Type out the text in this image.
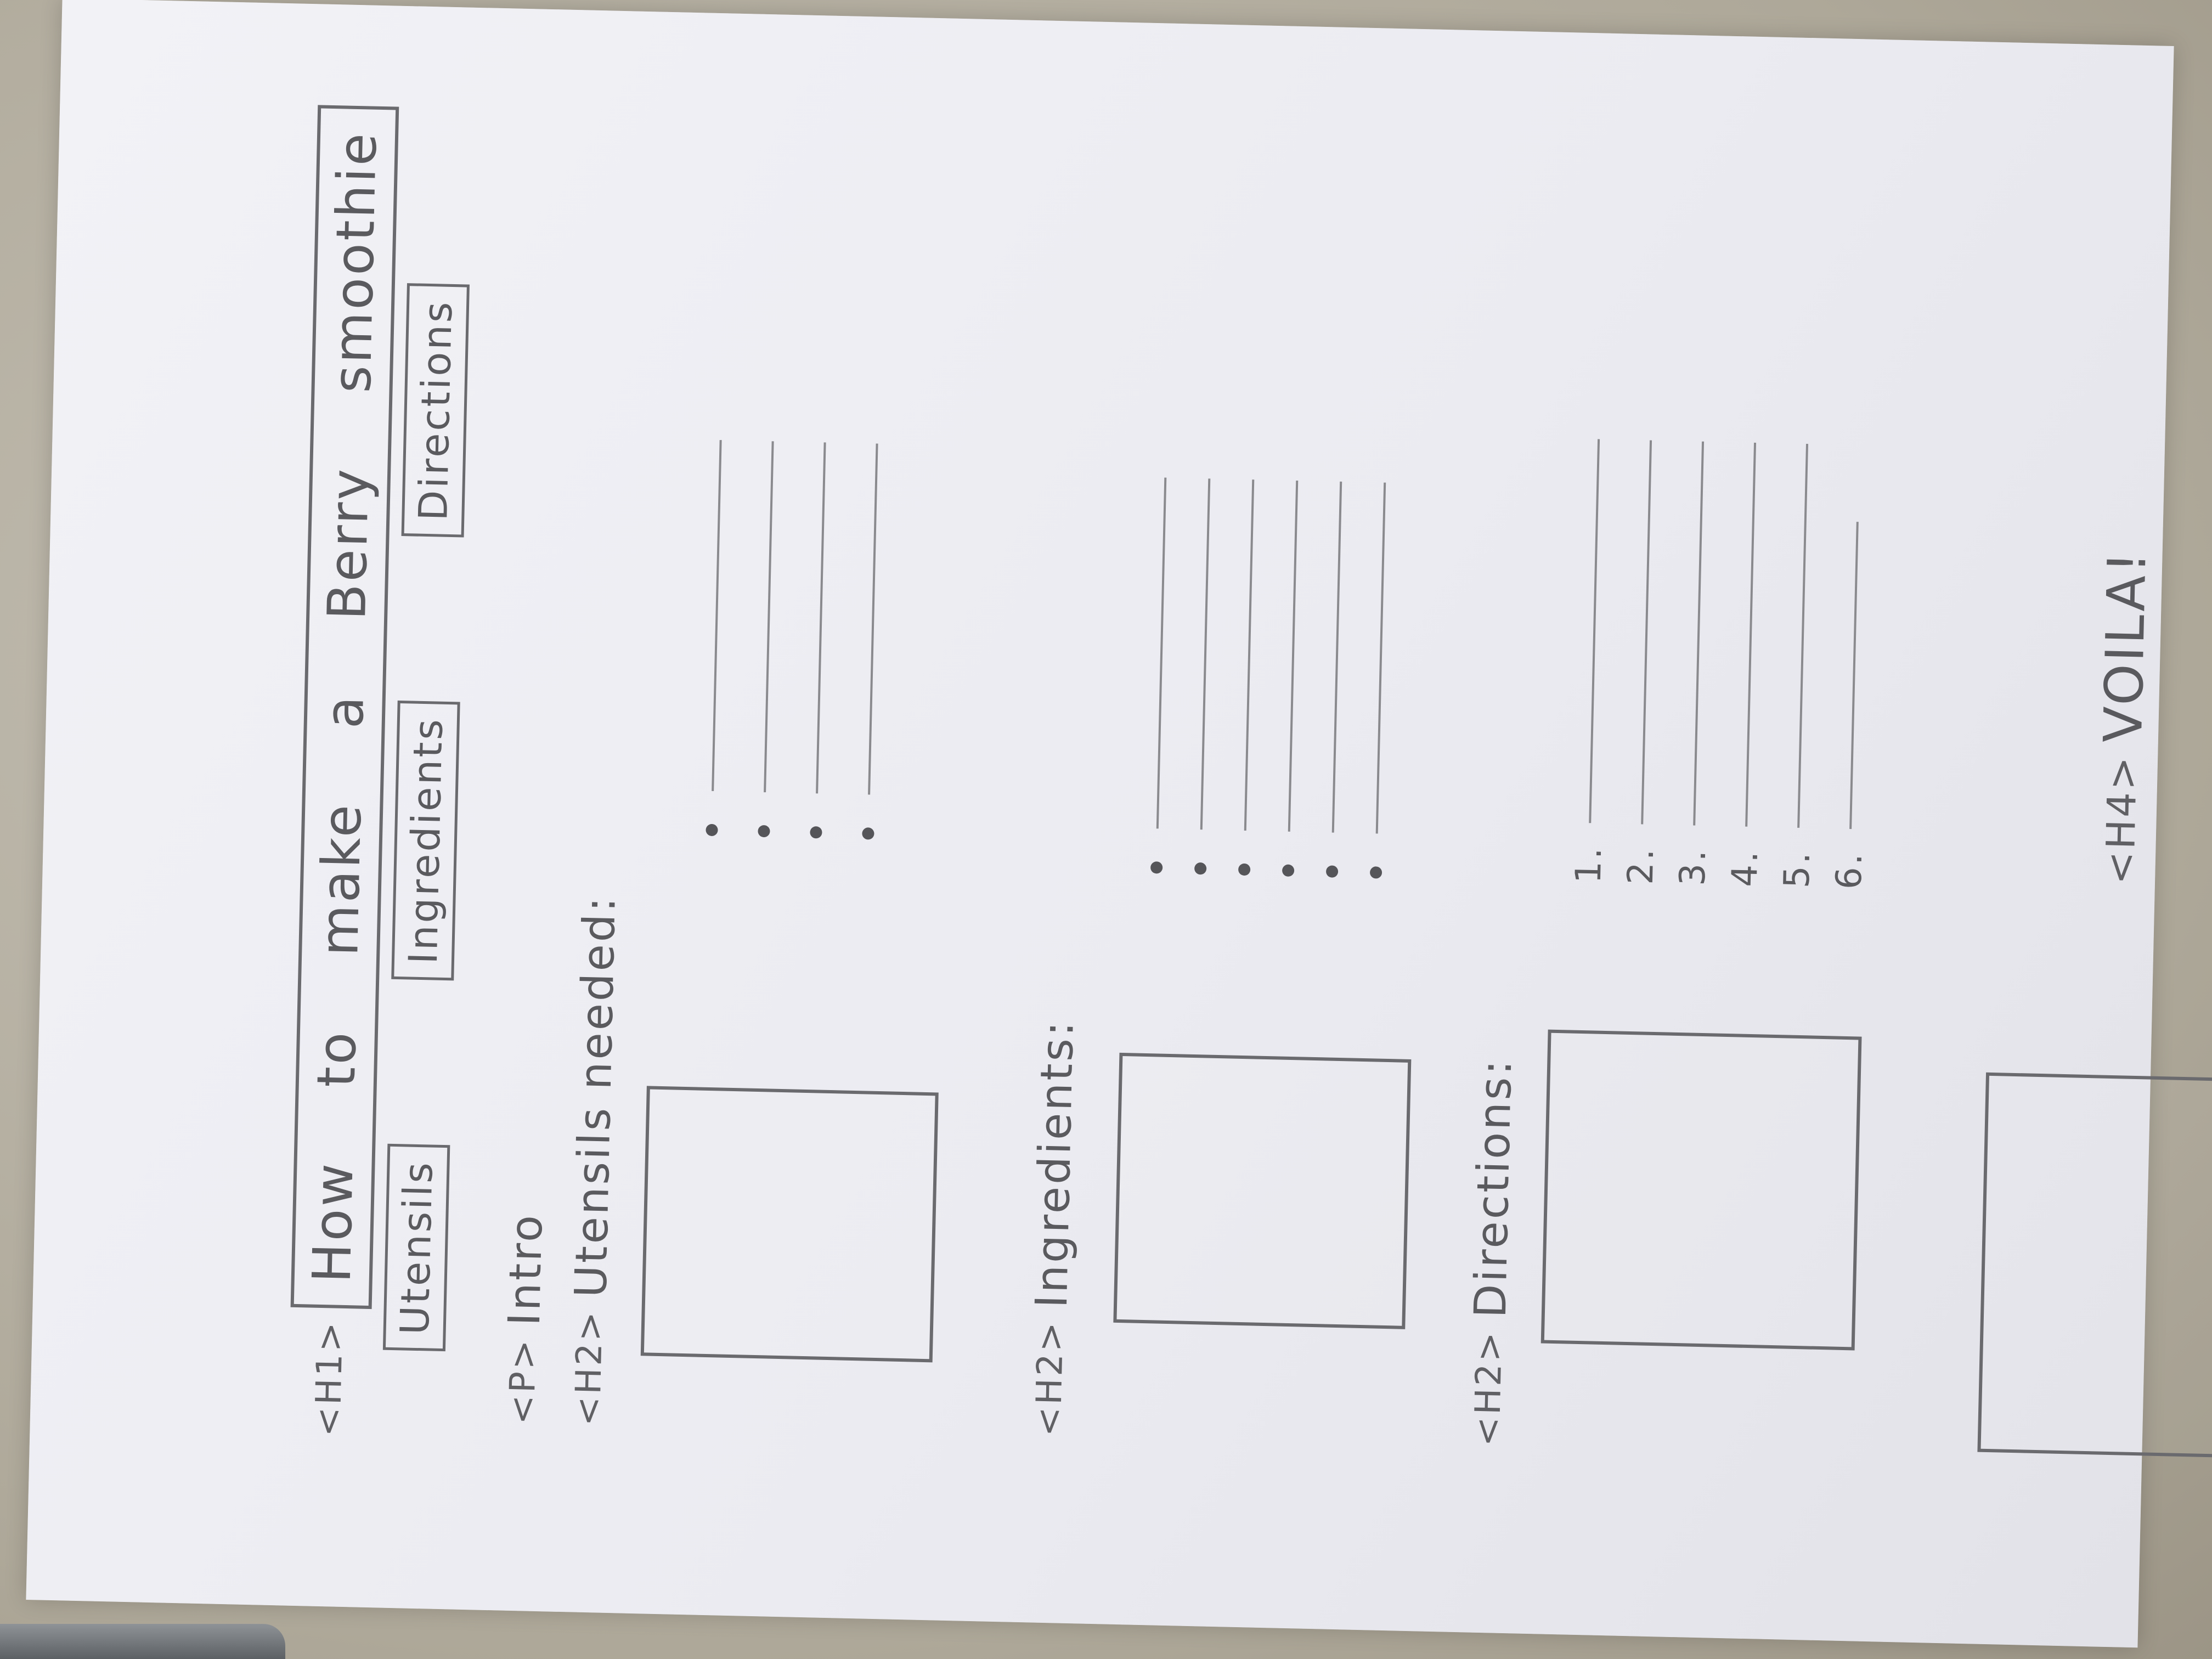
<H1>
How
to
make
a
Berry
smoothie
Utensils
Ingredients
Directions
<P>
Intro
<H2>
Utensils needed:
<H2>
Ingredients:
<H2>
Directions:
1. 2. 3. 4. 5. 6.	<H4>
VOILA!
